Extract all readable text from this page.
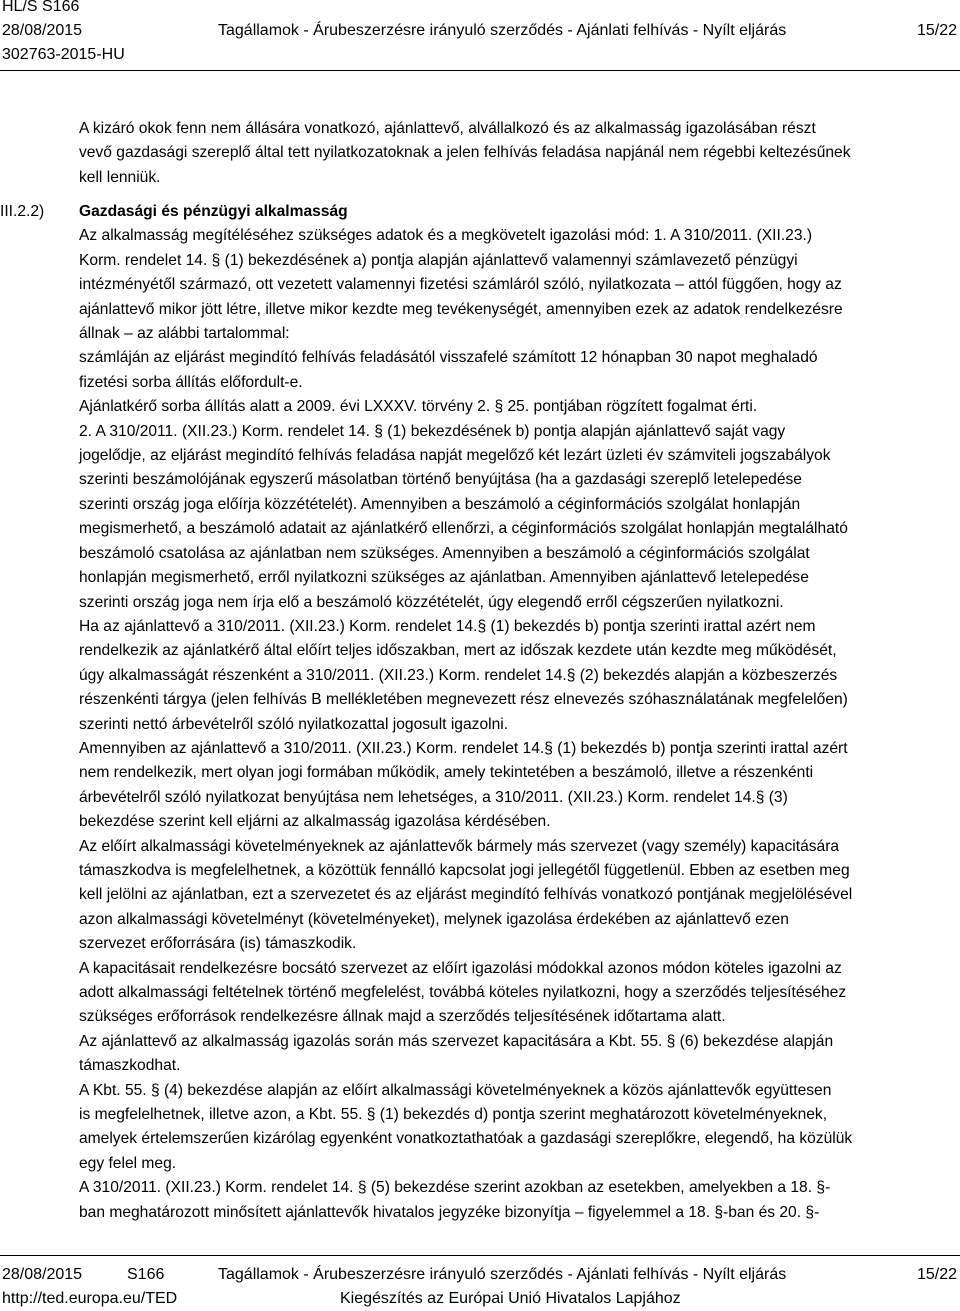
HL/S S166
28/08/2015	Tagállamok - Árubeszerzésre irányuló szerződés - Ajánlati felhívás - Nyílt eljárás	15/22
302763-2015-HU
A kizáró okok fenn nem állására vonatkozó, ajánlattevő, alvállalkozó és az alkalmasság igazolásában részt
vevő gazdasági szereplő által tett nyilatkozatoknak a jelen felhívás feladása napjánál nem régebbi keltezésűnek
kell lenniük.
III.2.2) Gazdasági és pénzügyi alkalmasság
Az alkalmasság megítéléséhez szükséges adatok és a megkövetelt igazolási mód: 1. A 310/2011. (XII.23.)
Korm. rendelet 14. § (1) bekezdésének a) pontja alapján ajánlattevő valamennyi számlavezető pénzügyi
intézményétől származó, ott vezetett valamennyi fizetési számláról szóló, nyilatkozata – attól függően, hogy az
ajánlattevő mikor jött létre, illetve mikor kezdte meg tevékenységét, amennyiben ezek az adatok rendelkezésre
állnak – az alábbi tartalommal:
számláján az eljárást megindító felhívás feladásától visszafelé számított 12 hónapban 30 napot meghaladó
fizetési sorba állítás előfordult-e.
Ajánlatkérő sorba állítás alatt a 2009. évi LXXXV. törvény 2. § 25. pontjában rögzített fogalmat érti.
2. A 310/2011. (XII.23.) Korm. rendelet 14. § (1) bekezdésének b) pontja alapján ajánlattevő saját vagy
jogelődje, az eljárást megindító felhívás feladása napját megelőző két lezárt üzleti év számviteli jogszabályok
szerinti beszámolójának egyszerű másolatban történő benyújtása (ha a gazdasági szereplő letelepedése
szerinti ország joga előírja közzétételét). Amennyiben a beszámoló a céginformációs szolgálat honlapján
megismerhető, a beszámoló adatait az ajánlatkérő ellenőrzi, a céginformációs szolgálat honlapján megtalálható
beszámoló csatolása az ajánlatban nem szükséges. Amennyiben a beszámoló a céginformációs szolgálat
honlapján megismerhető, erről nyilatkozni szükséges az ajánlatban. Amennyiben ajánlattevő letelepedése
szerinti ország joga nem írja elő a beszámoló közzétételét, úgy elegendő erről cégszerűen nyilatkozni.
Ha az ajánlattevő a 310/2011. (XII.23.) Korm. rendelet 14.§ (1) bekezdés b) pontja szerinti irattal azért nem
rendelkezik az ajánlatkérő által előírt teljes időszakban, mert az időszak kezdete után kezdte meg működését,
úgy alkalmasságát részenként a 310/2011. (XII.23.) Korm. rendelet 14.§ (2) bekezdés alapján a közbeszerzés
részenkénti tárgya (jelen felhívás B mellékletében megnevezett rész elnevezés szóhasználatának megfelelően)
szerinti nettó árbevételről szóló nyilatkozattal jogosult igazolni.
Amennyiben az ajánlattevő a 310/2011. (XII.23.) Korm. rendelet 14.§ (1) bekezdés b) pontja szerinti irattal azért
nem rendelkezik, mert olyan jogi formában működik, amely tekintetében a beszámoló, illetve a részenkénti
árbevételről szóló nyilatkozat benyújtása nem lehetséges, a 310/2011. (XII.23.) Korm. rendelet 14.§ (3)
bekezdése szerint kell eljárni az alkalmasság igazolása kérdésében.
Az előírt alkalmassági követelményeknek az ajánlattevők bármely más szervezet (vagy személy) kapacitására
támaszkodva is megfelelhetnek, a közöttük fennálló kapcsolat jogi jellegétől függetlenül. Ebben az esetben meg
kell jelölni az ajánlatban, ezt a szervezetet és az eljárást megindító felhívás vonatkozó pontjának megjelölésével
azon alkalmassági követelményt (követelményeket), melynek igazolása érdekében az ajánlattevő ezen
szervezet erőforrására (is) támaszkodik.
A kapacitásait rendelkezésre bocsátó szervezet az előírt igazolási módokkal azonos módon köteles igazolni az
adott alkalmassági feltételnek történő megfelelést, továbbá köteles nyilatkozni, hogy a szerződés teljesítéséhez
szükséges erőforrások rendelkezésre állnak majd a szerződés teljesítésének időtartama alatt.
Az ajánlattevő az alkalmasság igazolás során más szervezet kapacitására a Kbt. 55. § (6) bekezdése alapján
támaszkodhat.
A Kbt. 55. § (4) bekezdése alapján az előírt alkalmassági követelményeknek a közös ajánlattevők együttesen
is megfelelhetnek, illetve azon, a Kbt. 55. § (1) bekezdés d) pontja szerint meghatározott követelményeknek,
amelyek értelemszerűen kizárólag egyenként vonatkoztathatóak a gazdasági szereplőkre, elegendő, ha közülük
egy felel meg.
A 310/2011. (XII.23.) Korm. rendelet 14. § (5) bekezdése szerint azokban az esetekben, amelyekben a 18. §-
ban meghatározott minősített ajánlattevők hivatalos jegyzéke bizonyítja – figyelemmel a 18. §-ban és 20. §-
28/08/2015	S166	Tagállamok - Árubeszerzésre irányuló szerződés - Ajánlati felhívás - Nyílt eljárás	15/22
http://ted.europa.eu/TED	Kiegészítés az Európai Unió Hivatalos Lapjához
